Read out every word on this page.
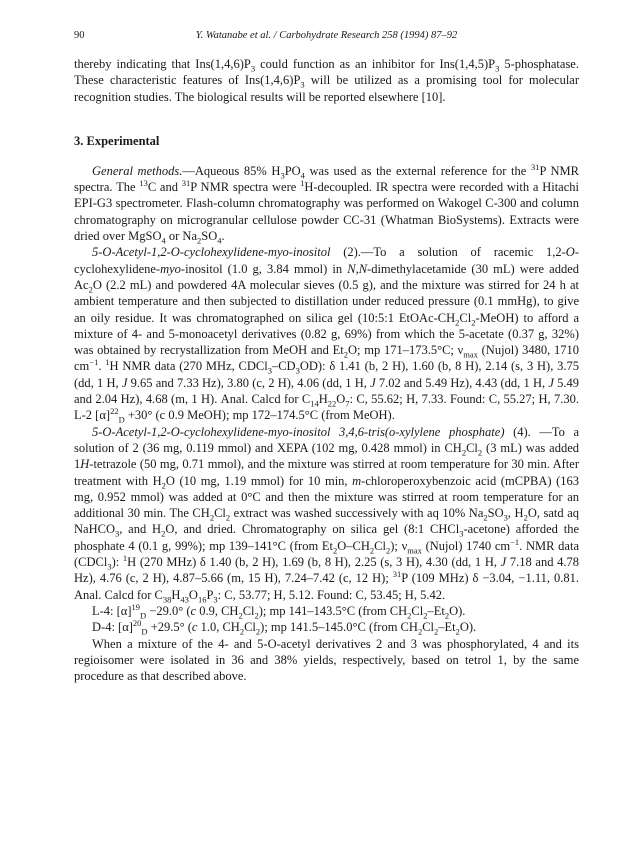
90	Y. Watanabe et al. / Carbohydrate Research 258 (1994) 87–92

thereby indicating that $Ins(1,4,6)P_3$ could function as an inhibitor for $Ins(1,4,5)P_3$ 5-phosphatase. These characteristic features of $Ins(1,4,6)P_3$ will be utilized as a promising tool for molecular recognition studies. The biological results will be reported elsewhere [10].

3. Experimental

General methods.—Aqueous 85% $H_3PO_4$ was used as the external reference for the $^{31}$P NMR spectra. The $^{13}$C and $^{31}$P NMR spectra were $^1$H-decoupled. IR spectra were recorded with a Hitachi EPI-G3 spectrometer. Flash-column chromatography was performed on Wakogel C-300 and column chromatography on microgranular cellulose powder CC-31 (Whatman BioSystems). Extracts were dried over MgSO$_4$ or $Na_2SO_4$.

5-O-Acetyl-1,2-O-cyclohexylidene-myo-inositol (2).—To a solution of racemic 1,2-O-cyclohexylidene-myo-inositol (1.0 g, 3.84 mmol) in N,N-dimethylacetamide (30 mL) were added $Ac_2O$ (2.2 mL) and powdered 4A molecular sieves (0.5 g), and the mixture was stirred for 24 h at ambient temperature and then subjected to distillation under reduced pressure (0.1 mmHg), to give an oily residue. It was chromatographed on silica gel (10:5:1 EtOAc-$CH_2Cl_2-MeOH$) to afford a mixture of 4- and 5-monoacetyl derivatives (0.82 g, 69%) from which the 5-acetate (0.37 g, 32%) was obtained by recrystallization from MeOH and $Et_2O$; mp 171–173.5°C; $\nu_{max}$ (Nujol) 3480, 1710 $cm^{-1}$. $^1$H NMR data (270 MHz, $CDCl_3-CD_3OD$): δ 1.41 (b, 2 H), 1.60 (b, 8 H), 2.14 (s, 3 H), 3.75 (dd, 1 H, J 9.65 and 7.33 Hz), 3.80 (c, 2 H), 4.06 (dd, 1 H, J 7.02 and 5.49 Hz), 4.43 (dd, 1 H, J 5.49 and 2.04 Hz), 4.68 (m, 1 H). Anal. Calcd for $C_{14}H_{22}O_7$: C, 55.62; H, 7.33. Found: C, 55.27; H, 7.30. L-2 $[\alpha]^{22}_D +30^\circ$ (c 0.9 MeOH); mp 172–174.5°C (from MeOH).

5-O-Acetyl-1,2-O-cyclohexylidene-myo-inositol 3,4,6-tris(o-xylylene phosphate) (4). —To a solution of 2 (36 mg, 0.119 mmol) and XEPA (102 mg, 0.428 mmol) in $CH_2Cl_2$ (3 mL) was added 1H-tetrazole (50 mg, 0.71 mmol), and the mixture was stirred at room temperature for 30 min. After treatment with $H_2O$ (10 mg, 1.19 mmol) for 10 min, m-chloroperoxybenzoic acid (mCPBA) (163 mg, 0.952 mmol) was added at 0°C and then the mixture was stirred at room temperature for an additional 30 min. The $CH_2Cl_2$ extract was washed successively with aq 10% $Na_2SO_3$, $H_2O$, satd aq NaHCO$_3$, and $H_2O$, and dried. Chromatography on silica gel (8:1 CHCl$_3$-acetone) afforded the phosphate 4 (0.1 g, 99%); mp 139–141°C (from $Et_2O-CH_2Cl_2$); $\nu_{max}$ (Nujol) 1740 $cm^{-1}$. NMR data (CDCl$_3$): $^1$H (270 MHz) δ 1.40 (b, 2 H), 1.69 (b, 8 H), 2.25 (s, 3 H), 4.30 (dd, 1 H, J 7.18 and 4.78 Hz), 4.76 (c, 2 H), 4.87–5.66 (m, 15 H), 7.24–7.42 (c, 12 H); $^{31}$P (109 MHz) δ −3.04, −1.11, 0.81. Anal. Calcd for $C_{38}H_{43}O_{16}P_3$: C, 53.77; H, 5.12. Found: C, 53.45; H, 5.42.

L-4: $[\alpha]^{19}_D -29.0^\circ$ (c 0.9, $CH_2Cl_2$); mp 141–143.5°C (from $CH_2Cl_2-Et_2O$).

D-4: $[\alpha]^{20}_D +29.5^\circ$ (c 1.0, $CH_2Cl_2$); mp 141.5–145.0°C (from $CH_2Cl_2-Et_2O$).

When a mixture of the 4- and 5-O-acetyl derivatives 2 and 3 was phosphorylated, 4 and its regioisomer were isolated in 36 and 38% yields, respectively, based on tetrol 1, by the same procedure as that described above.
